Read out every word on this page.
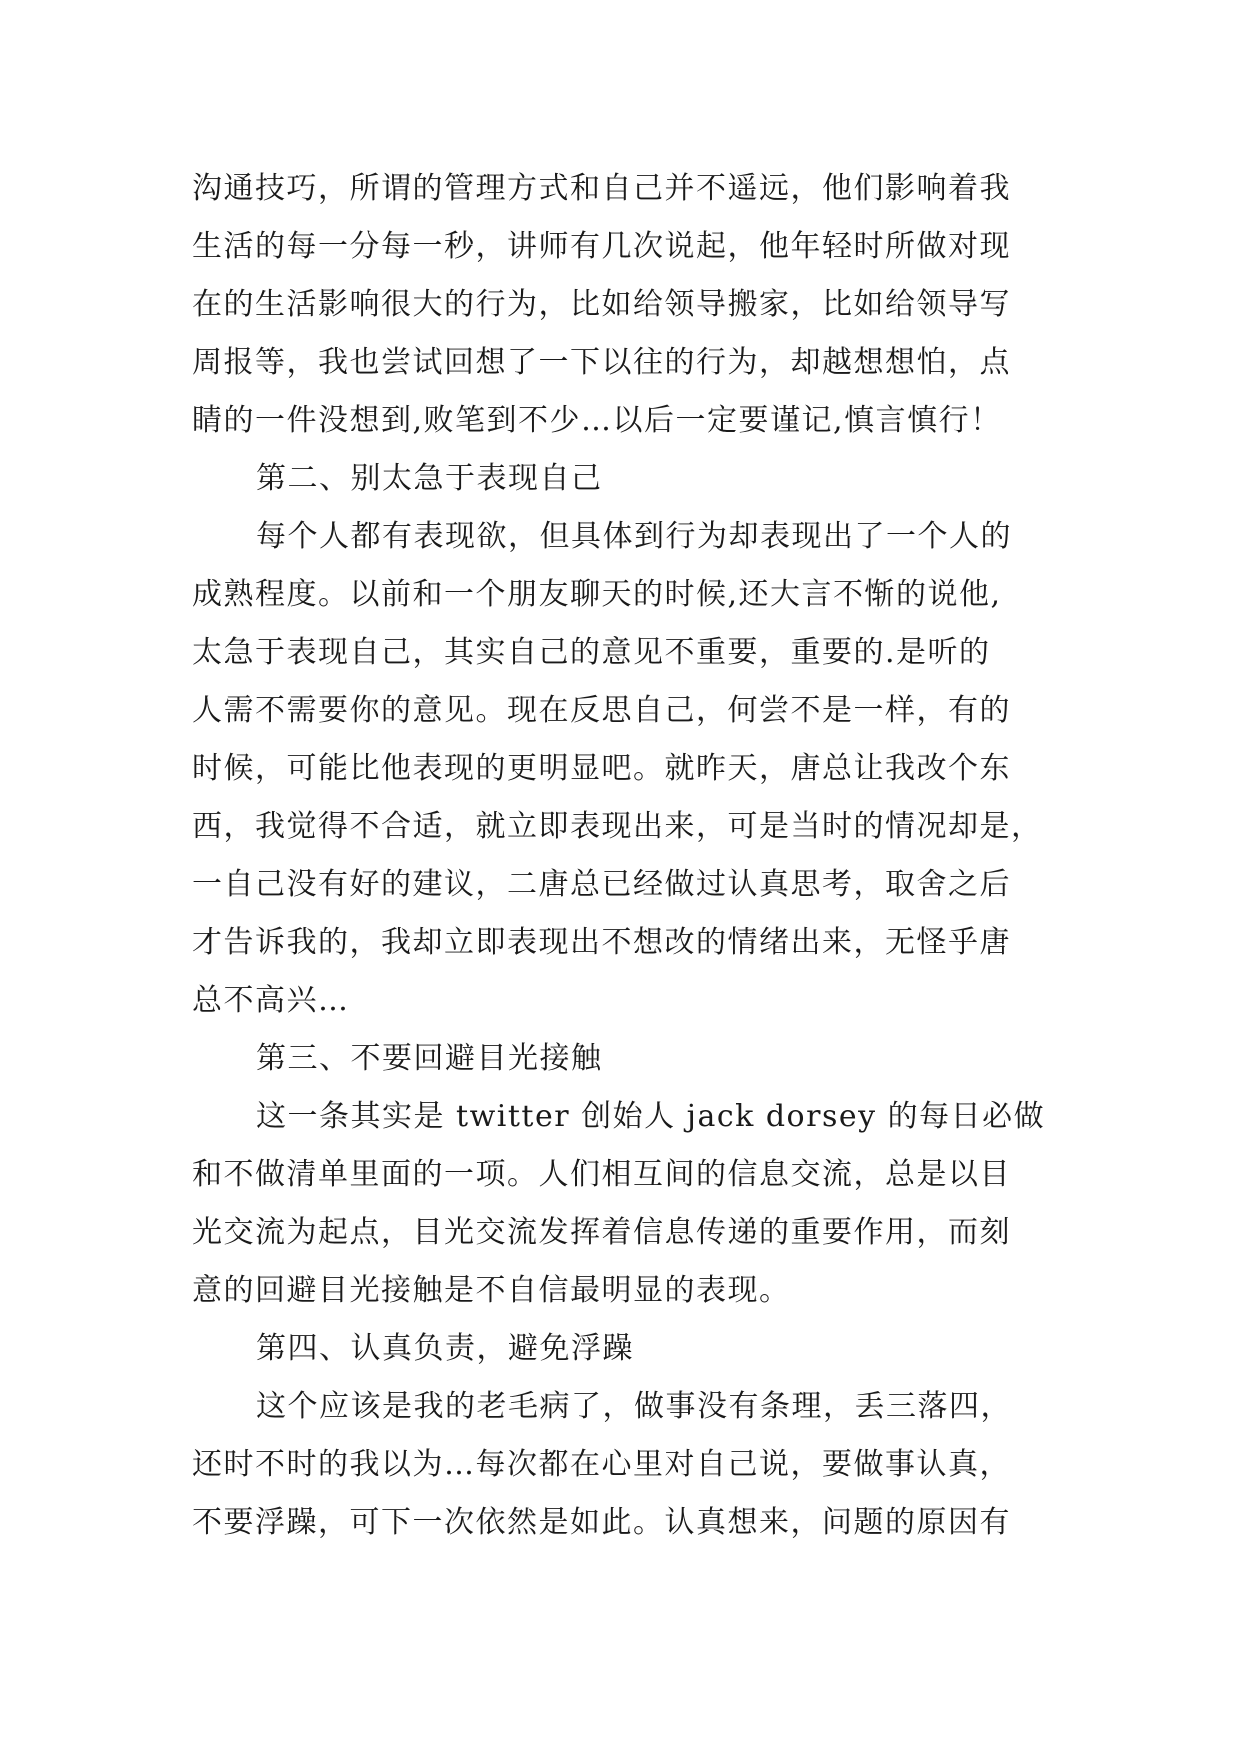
沟通技巧，所谓的管理方式和自己并不遥远，他们影响着我
生活的每一分每一秒，讲师有几次说起，他年轻时所做对现
在的生活影响很大的行为，比如给领导搬家，比如给领导写
周报等，我也尝试回想了一下以往的行为，却越想想怕，点
睛的一件没想到,败笔到不少…以后一定要谨记,慎言慎行！
第二、别太急于表现自己
每个人都有表现欲，但具体到行为却表现出了一个人的
成熟程度。以前和一个朋友聊天的时候,还大言不惭的说他,
太急于表现自己，其实自己的意见不重要，重要的.是听的
人需不需要你的意见。现在反思自己，何尝不是一样，有的
时候，可能比他表现的更明显吧。就昨天，唐总让我改个东
西，我觉得不合适，就立即表现出来，可是当时的情况却是，
一自己没有好的建议，二唐总已经做过认真思考，取舍之后
才告诉我的，我却立即表现出不想改的情绪出来，无怪乎唐
总不高兴…
第三、不要回避目光接触
这一条其实是 twitter 创始人 jack dorsey 的每日必做
和不做清单里面的一项。人们相互间的信息交流，总是以目
光交流为起点，目光交流发挥着信息传递的重要作用，而刻
意的回避目光接触是不自信最明显的表现。
第四、认真负责，避免浮躁
这个应该是我的老毛病了，做事没有条理，丢三落四，
还时不时的我以为…每次都在心里对自己说，要做事认真，
不要浮躁，可下一次依然是如此。认真想来，问题的原因有
